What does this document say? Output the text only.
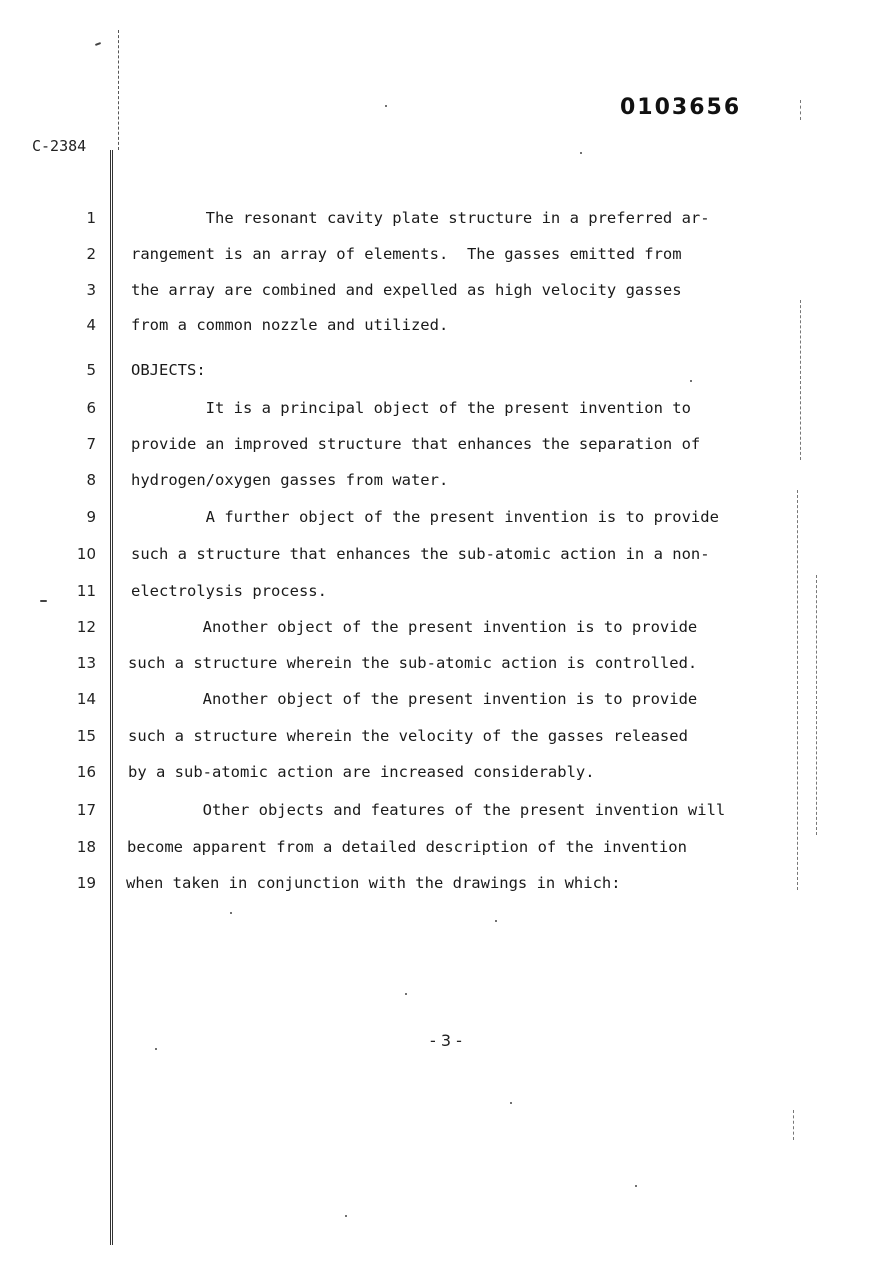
0103656
C-2384
1
2
3
4
5
6
7
8
9
10
11
12
13
14
15
16
17
18
19
The resonant cavity plate structure in a preferred ar-
rangement is an array of elements.  The gasses emitted from
the array are combined and expelled as high velocity gasses
from a common nozzle and utilized.
OBJECTS:
It is a principal object of the present invention to
provide an improved structure that enhances the separation of
hydrogen/oxygen gasses from water.
A further object of the present invention is to provide
such a structure that enhances the sub-atomic action in a non-
electrolysis process.
Another object of the present invention is to provide
such a structure wherein the sub-atomic action is controlled.
Another object of the present invention is to provide
such a structure wherein the velocity of the gasses released
by a sub-atomic action are increased considerably.
Other objects and features of the present invention will
become apparent from a detailed description of the invention
when taken in conjunction with the drawings in which:
- 3 -
